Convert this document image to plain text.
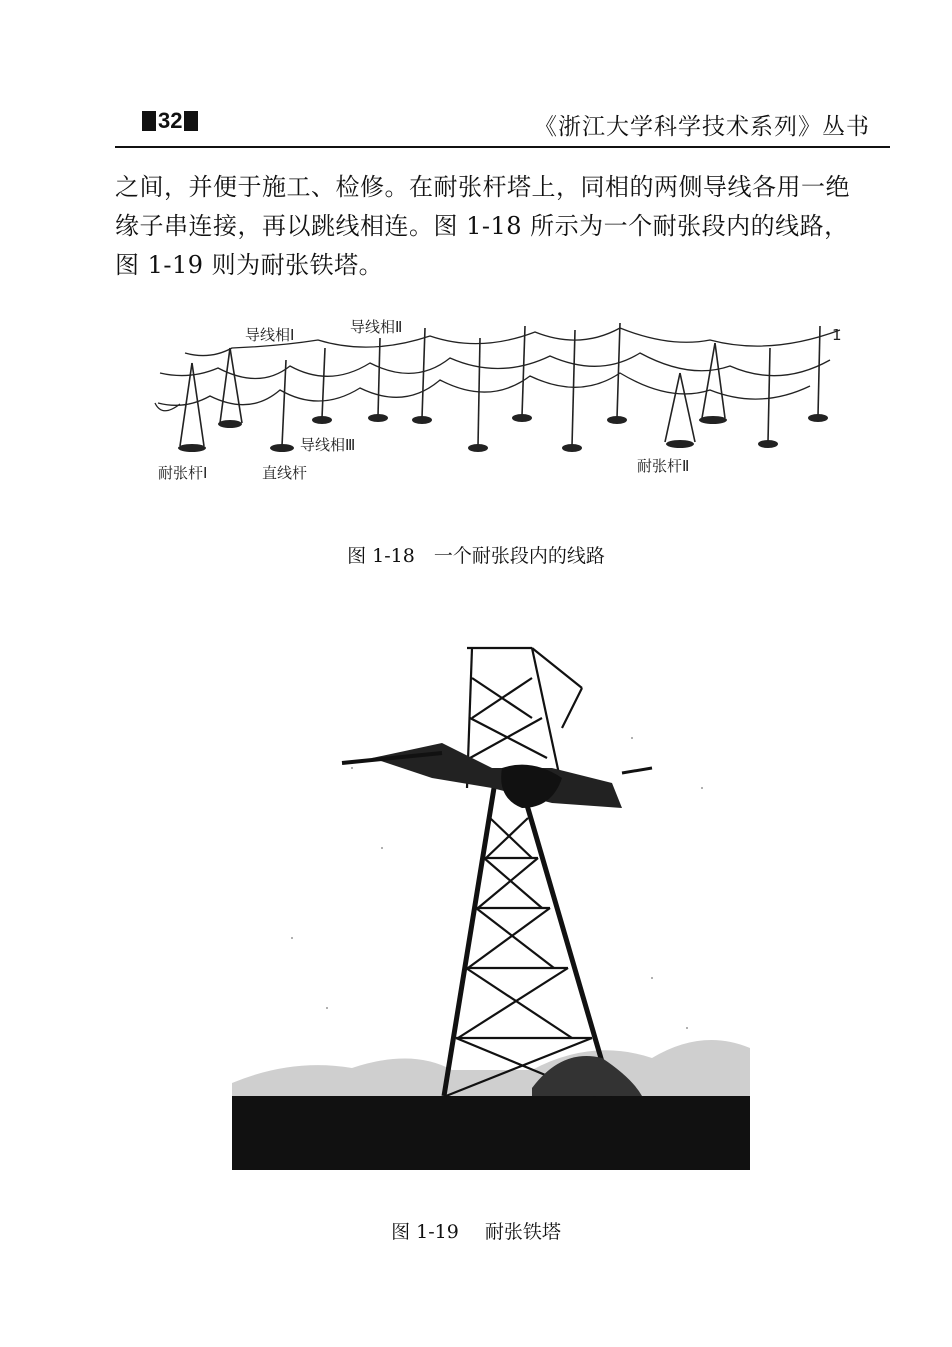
32	《浙江大学科学技术系列》丛书

之间，并便于施工、检修。在耐张杆塔上，同相的两侧导线各用一绝

缘子串连接，再以跳线相连。图 1-18 所示为一个耐张段内的线路，

图 1-19 则为耐张铁塔。

导线相Ⅰ	导线相Ⅱ
导线相Ⅲ
耐张杆Ⅰ	直线杆	耐张杆Ⅱ
1
图 1-18　一个耐张段内的线路
图 1-19 耐张铁塔
